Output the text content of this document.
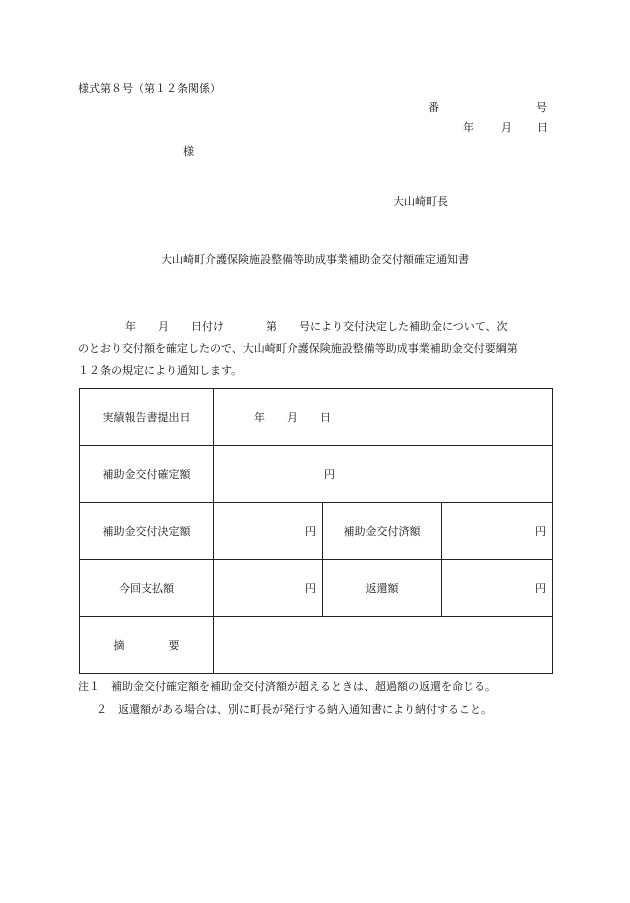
様式第８号（第１２条関係）
番	号
年 月 日
様
大山崎町長
大山崎町介護保険施設整備等助成事業補助金交付額確定通知書
年 月 日付け	第 号により交付決定した補助金について、次
のとおり交付額を確定したので、大山崎町介護保険施設整備等助成事業補助金交付要綱第
１２条の規定により通知します。
実績報告書提出日	年　　月　　日		
補助金交付確定額	円		
補助金交付決定額	円	補助金交付済額	円
今回支払額	円	返還額	円
摘　　　　要			
注１　補助金交付確定額を補助金交付済額が超えるときは、超過額の返還を命じる。
２　返還額がある場合は、別に町長が発行する納入通知書により納付すること。
